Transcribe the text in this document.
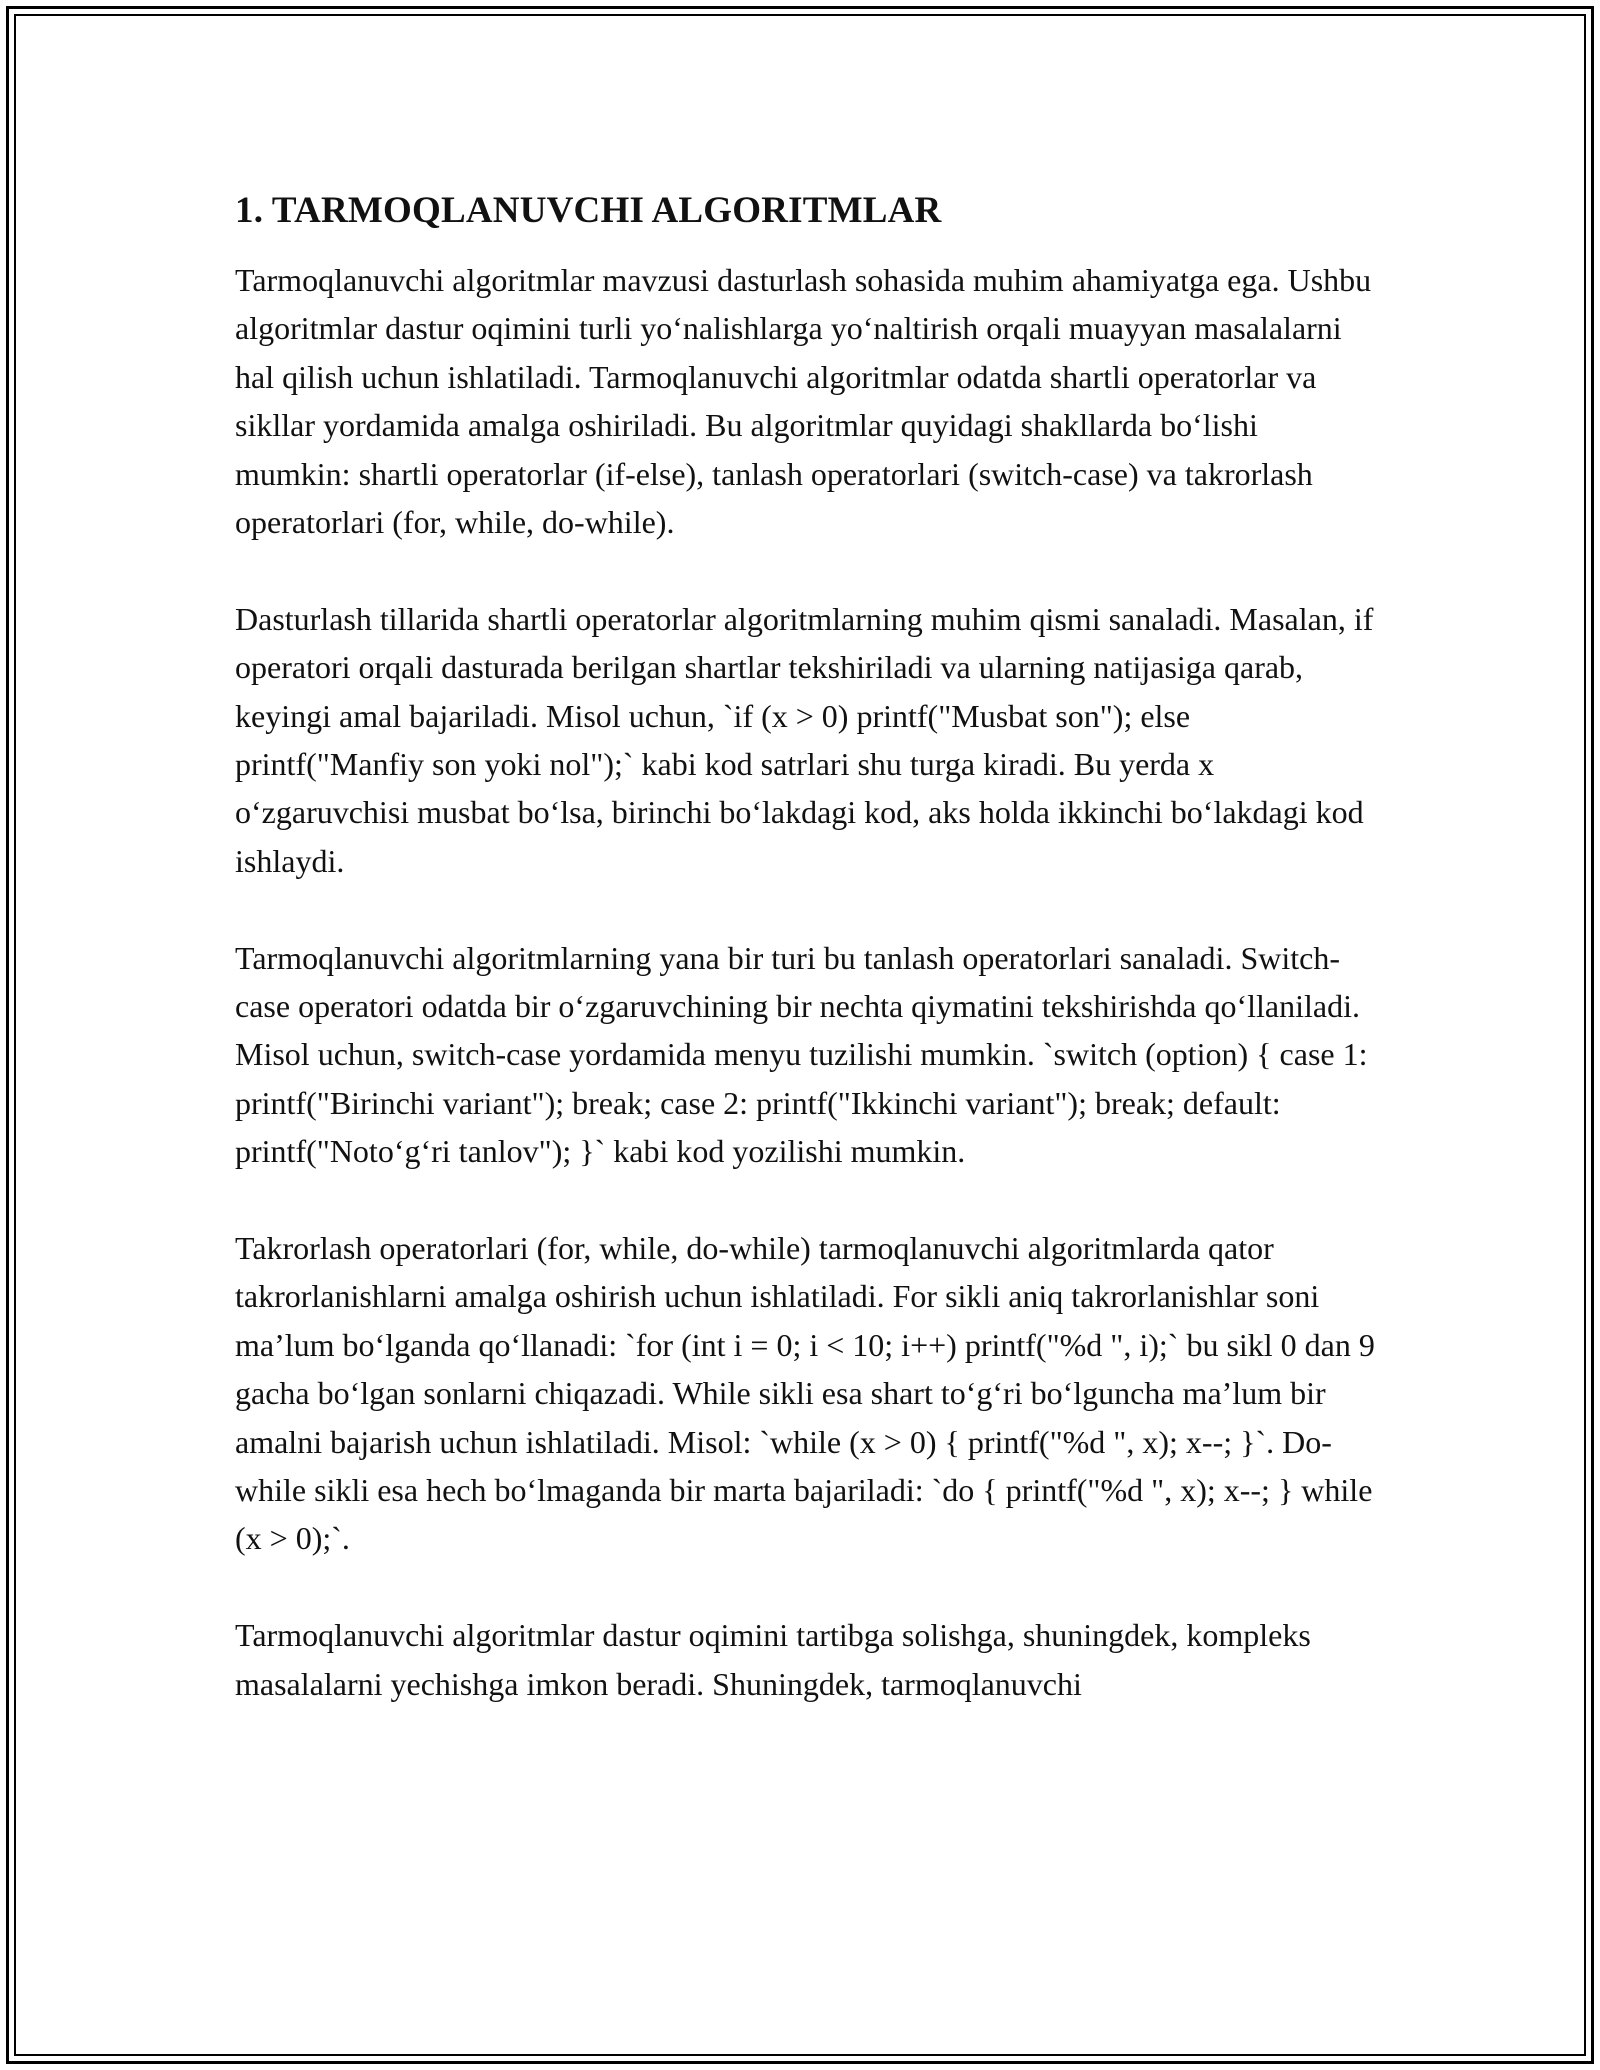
1. TARMOQLANUVCHI ALGORITMLAR

Tarmoqlanuvchi algoritmlar mavzusi dasturlash sohasida muhim ahamiyatga ega. Ushbu algoritmlar dastur oqimini turli yo‘nalishlarga yo‘naltirish orqali muayyan masalalarni hal qilish uchun ishlatiladi. Tarmoqlanuvchi algoritmlar odatda shartli operatorlar va sikllar yordamida amalga oshiriladi. Bu algoritmlar quyidagi shakllarda bo‘lishi mumkin: shartli operatorlar (if-else), tanlash operatorlari (switch-case) va takrorlash operatorlari (for, while, do-while).

Dasturlash tillarida shartli operatorlar algoritmlarning muhim qismi sanaladi. Masalan, if operatori orqali dasturada berilgan shartlar tekshiriladi va ularning natijasiga qarab, keyingi amal bajariladi. Misol uchun, `if (x > 0) printf("Musbat son"); else printf("Manfiy son yoki nol");` kabi kod satrlari shu turga kiradi. Bu yerda x o‘zgaruvchisi musbat bo‘lsa, birinchi bo‘lakdagi kod, aks holda ikkinchi bo‘lakdagi kod ishlaydi.

Tarmoqlanuvchi algoritmlarning yana bir turi bu tanlash operatorlari sanaladi. Switch-case operatori odatda bir o‘zgaruvchining bir nechta qiymatini tekshirishda qo‘llaniladi. Misol uchun, switch-case yordamida menyu tuzilishi mumkin. `switch (option) { case 1: printf("Birinchi variant"); break; case 2: printf("Ikkinchi variant"); break; default: printf("Noto‘g‘ri tanlov"); }` kabi kod yozilishi mumkin.

Takrorlash operatorlari (for, while, do-while) tarmoqlanuvchi algoritmlarda qator takrorlanishlarni amalga oshirish uchun ishlatiladi. For sikli aniq takrorlanishlar soni ma’lum bo‘lganda qo‘llanadi: `for (int i = 0; i < 10; i++) printf("%d ", i);` bu sikl 0 dan 9 gacha bo‘lgan sonlarni chiqazadi. While sikli esa shart to‘g‘ri bo‘lguncha ma’lum bir amalni bajarish uchun ishlatiladi. Misol: `while (x > 0) { printf("%d ", x); x--; }`. Do-while sikli esa hech bo‘lmaganda bir marta bajariladi: `do { printf("%d ", x); x--; } while (x > 0);`.

Tarmoqlanuvchi algoritmlar dastur oqimini tartibga solishga, shuningdek, kompleks masalalarni yechishga imkon beradi. Shuningdek, tarmoqlanuvchi
